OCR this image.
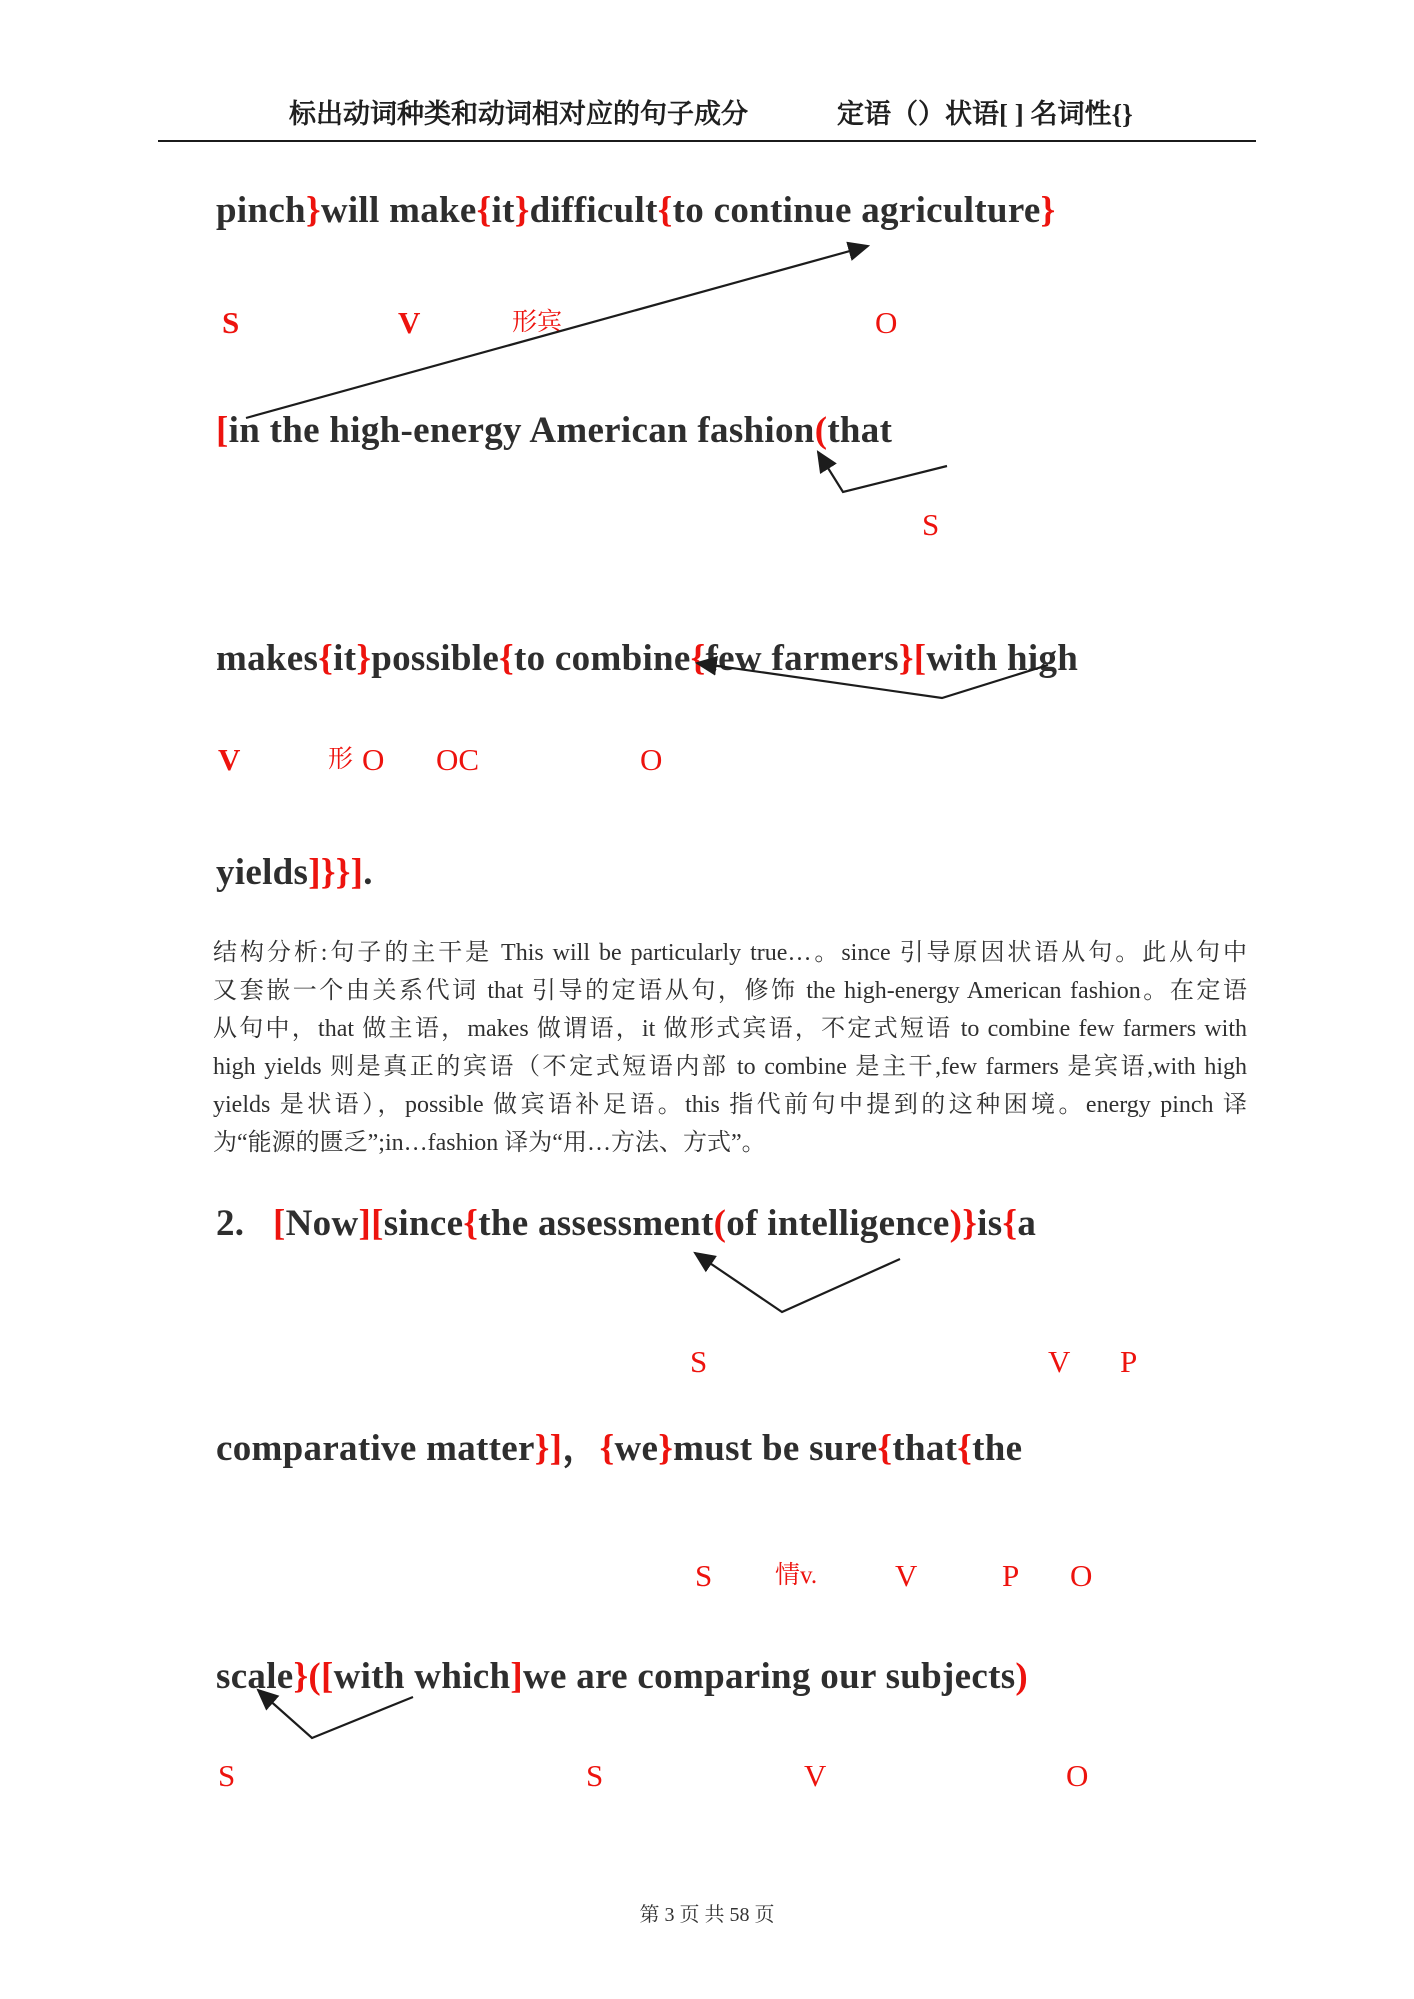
标出动词种类和动词相对应的句子成分	定语（）状语[ ] 名词性{}
pinch}will make{it}difficult{to continue agriculture}
S	V	形宾	O
[in the high-energy American fashion(that
S
makes{it}possible{to combine{few farmers}[with high
V	形 O OC	O
yields]}}].
结构分析:句子的主干是 This will be particularly true…。since 引导原因状语从句。此从句中
又套嵌一个由关系代词 that 引导的定语从句，修饰 the high-energy American fashion。在定语
从句中，that 做主语，makes 做谓语，it 做形式宾语，不定式短语 to combine few farmers with
high yields 则是真正的宾语（不定式短语内部 to combine 是主干,few farmers 是宾语,with high
yields 是状语），possible 做宾语补足语。this 指代前句中提到的这种困境。energy pinch 译
为“能源的匮乏”;in…fashion 译为“用…方法、方式”。
2. [Now][since{the assessment(of intelligence)}is{a
S	V P
comparative matter}]，{we}must be sure{that{the
S	情v.	V	P O
scale}([with which]we are comparing our subjects)
S	S	V	O
第 3 页 共 58 页
